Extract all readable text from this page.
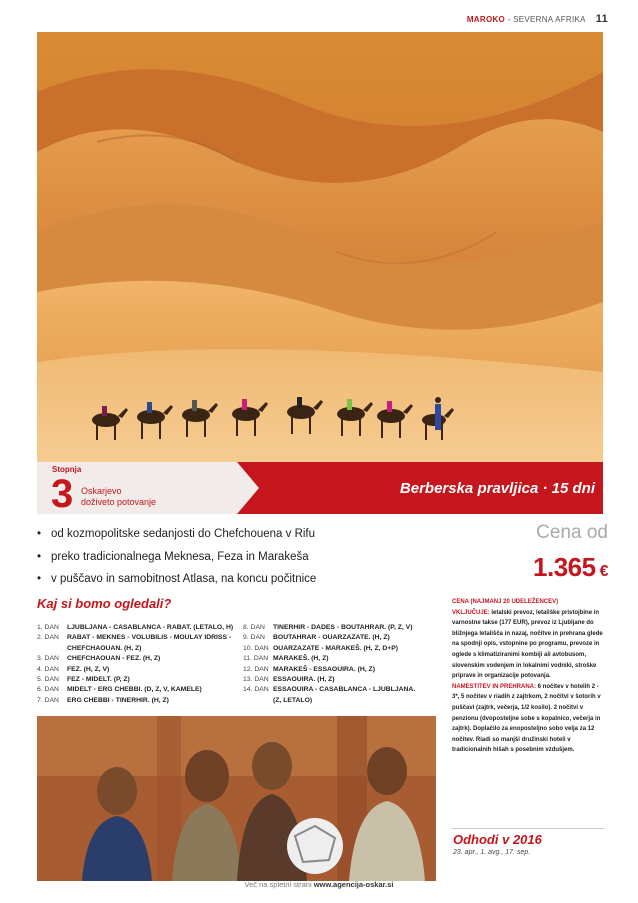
MAROKO - SEVERNA AFRIKA 11
Stopnja
3 Oskarjevo
doživeto potovanje
Berberska pravljica · 15 dni
• od kozmopolitske sedanjosti do Chefchouena v Rifu
• preko tradicionalnega Meknesa, Feza in Marakeša
• v puščavo in samobitnost Atlasa, na koncu počitnice
Cena od
1.365 €
Kaj si bomo ogledali?
1. DAN	LJUBLJANA - CASABLANCA - RABAT. (LETALO, H)
2. DAN	RABAT - MEKNES - VOLUBILIS - MOULAY IDRISS -
CHEFCHAOUAN. (H, Z)
3. DAN	CHEFCHAOUAN - FEZ. (H, Z)
4. DAN	FEZ. (H, Z, V)
5. DAN	FEZ - MIDELT. (P, Z)
6. DAN	MIDELT - ERG CHEBBI. (D, Z, V, KAMELE)
7. DAN	ERG CHEBBI - TINERHIR. (H, Z)
8. DAN	TINERHIR - DADES - BOUTAHRAR. (P, Z, V)
9. DAN	BOUTAHRAR - OUARZAZATE. (H, Z)
10. DAN OUARZAZATE - MARAKEŠ. (H, Z, D+P)
11. DAN MARAKEŠ. (H, Z)
12. DAN MARAKEŠ - ESSAOUIRA. (H, Z)
13. DAN ESSAOUIRA. (H, Z)
14. DAN ESSAOUIRA - CASABLANCA - LJUBLJANA.
(Z, LETALO)

CENA (NAJMANJ 20 UDELEŽENCEV)

VKLJUČUJE: letalski prevoz, letališke pristojbine in varnostne takse (177 EUR), prevoz iz Ljubljane do bližnjega letališča in nazaj, nočitve in prehrana glede na spodnji opis, vstopnine po programu, prevoze in oglede s klimatiziranimi kombiji ali avtobusom, slovenskim vodenjem in lokalnimi vodniki, stroške priprave in organizacije potovanja.

NAMESTITEV IN PREHRANA: 6 nočitev v hotelih 2 - 3*, 5 nočitev v riadih z zajtrkom, 2 nočitvi v šotorih v puščavi (zajtrk, večerja, 1/2 kosilo). 2 nočitvi v penzionu (dvoposteljne sobe s kopalnico, večerja in zajtrk). Doplačilo za enoposteljno sobo velja za 12 nočitev. Riadi so manjši družinski hoteli v tradicionalnih hišah s posebnim vzdušjem.

Odhodi v 2016
23. apr., 1. avg., 17. sep.
Več na spletni strani www.agencija-oskar.si
